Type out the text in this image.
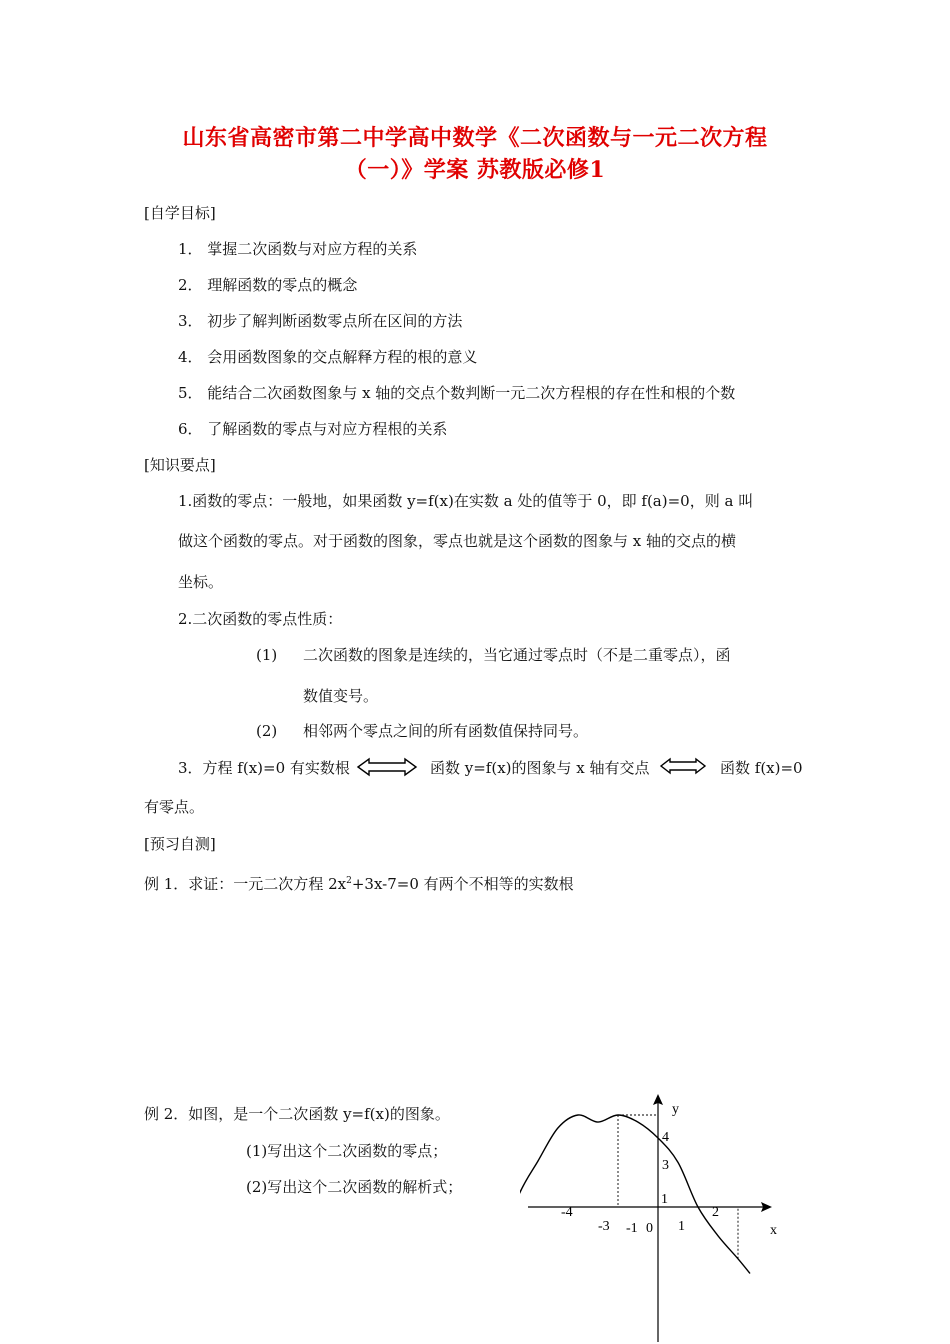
山东省高密市第二中学高中数学《二次函数与一元二次方程
（一）》学案 苏教版必修1
[自学目标]
1． 掌握二次函数与对应方程的关系
2． 理解函数的零点的概念
3． 初步了解判断函数零点所在区间的方法
4． 会用函数图象的交点解释方程的根的意义
5． 能结合二次函数图象与 x 轴的交点个数判断一元二次方程根的存在性和根的个数
6． 了解函数的零点与对应方程根的关系
[知识要点]
1.函数的零点：一般地，如果函数 y=f(x)在实数 a 处的值等于 0，即 f(a)=0，则 a 叫
做这个函数的零点。对于函数的图象，零点也就是这个函数的图象与 x 轴的交点的横
坐标。
2.二次函数的零点性质：
(1) 二次函数的图象是连续的，当它通过零点时（不是二重零点），函
数值变号。
(2) 相邻两个零点之间的所有函数值保持同号。
3．方程 f(x)=0 有实数根	函数 y=f(x)的图象与 x 轴有交点	函数 f(x)=0
有零点。
[预习自测]
例 1．求证：一元二次方程 $2x^2+3x-7=0$ 有两个不相等的实数根
例 2．如图，是一个二次函数 y=f(x)的图象。
(1)写出这个二次函数的零点；
(2)写出这个二次函数的解析式；
y
x
-4
-3 -1 0 1
2
1
3
4
